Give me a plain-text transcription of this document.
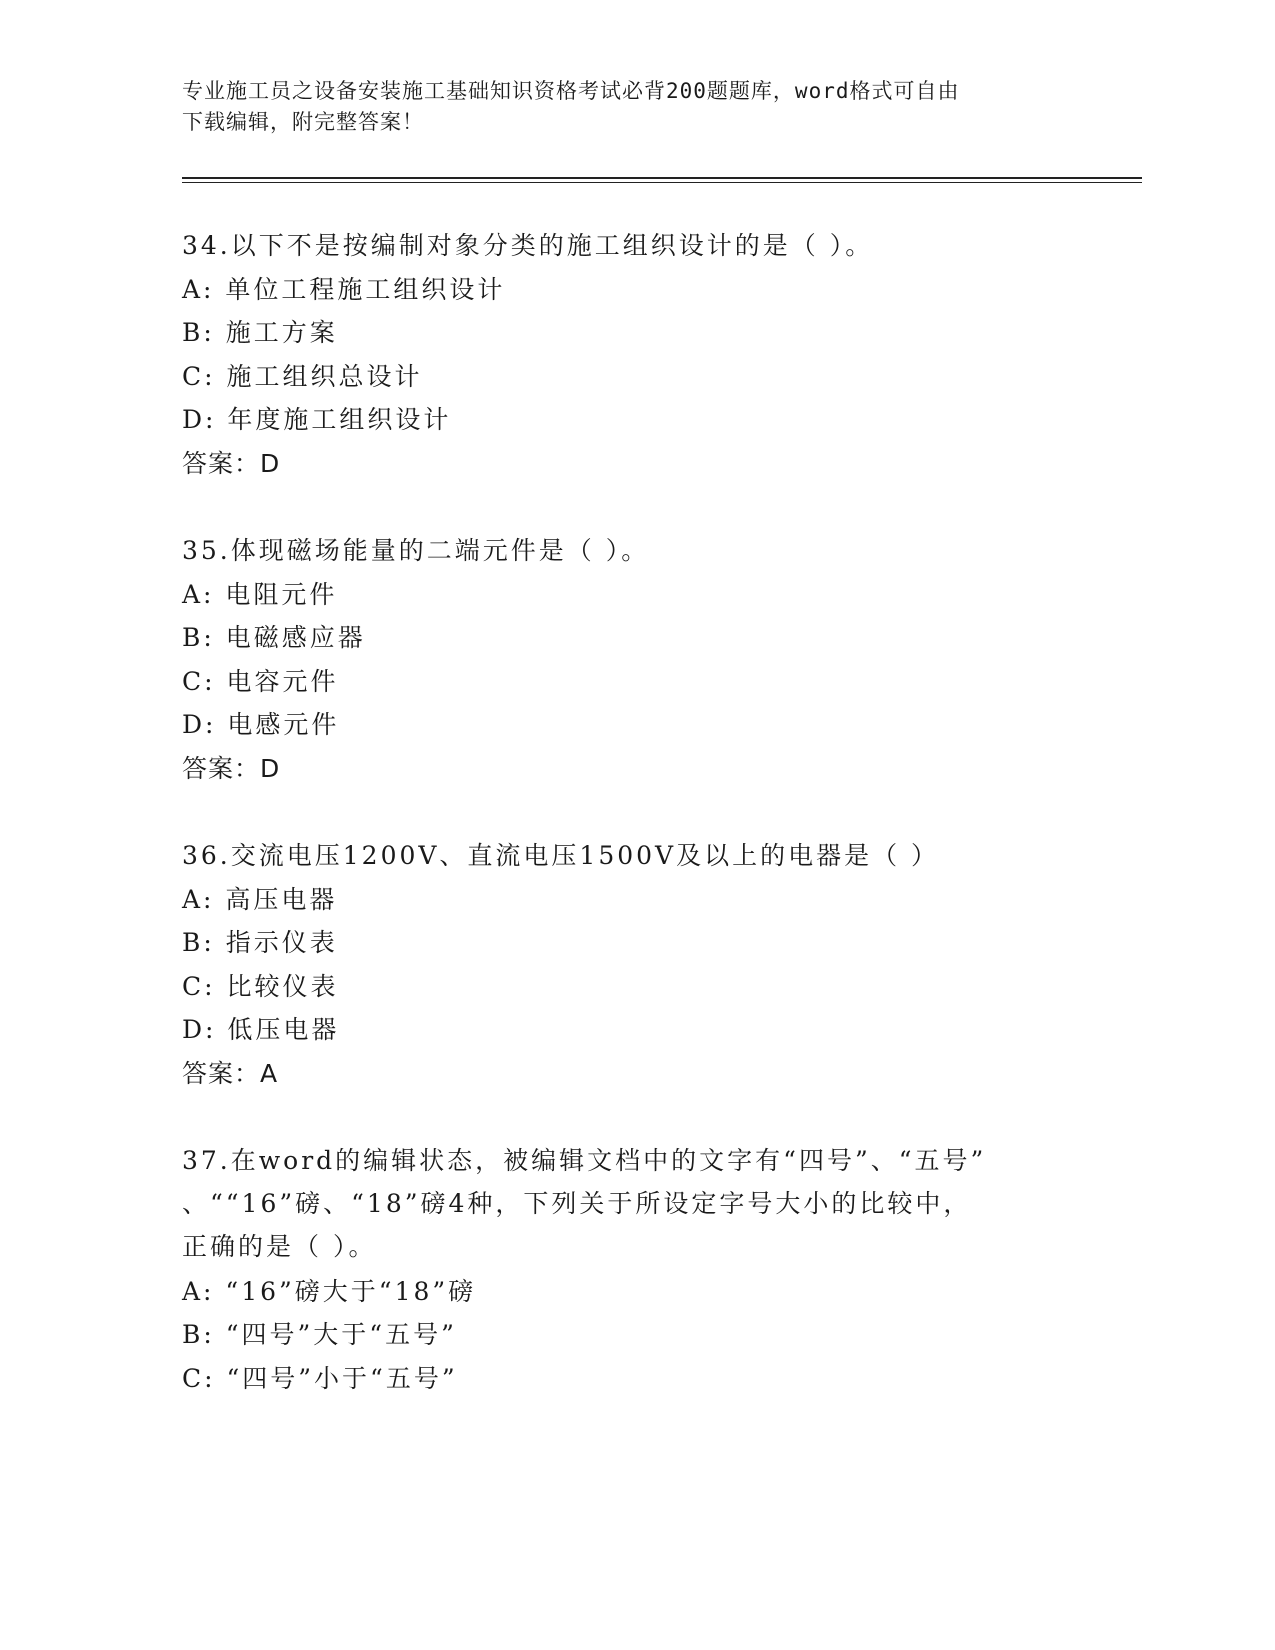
专业施工员之设备安装施工基础知识资格考试必背200题题库，word格式可自由
下载编辑，附完整答案！
34.以下不是按编制对象分类的施工组织设计的是（ ）。
A: 单位工程施工组织设计
B: 施工方案
C: 施工组织总设计
D: 年度施工组织设计
答案：D
35.体现磁场能量的二端元件是（ ）。
A: 电阻元件
B: 电磁感应器
C: 电容元件
D: 电感元件
答案：D
36.交流电压1200V、直流电压1500V及以上的电器是（ ）
A: 高压电器
B: 指示仪表
C: 比较仪表
D: 低压电器
答案：A
37.在word的编辑状态，被编辑文档中的文字有“四号”、“五号”
、““16”磅、“18”磅4种，下列关于所设定字号大小的比较中，
正确的是（ ）。
A: “16”磅大于“18”磅
B: “四号”大于“五号”
C: “四号”小于“五号”
